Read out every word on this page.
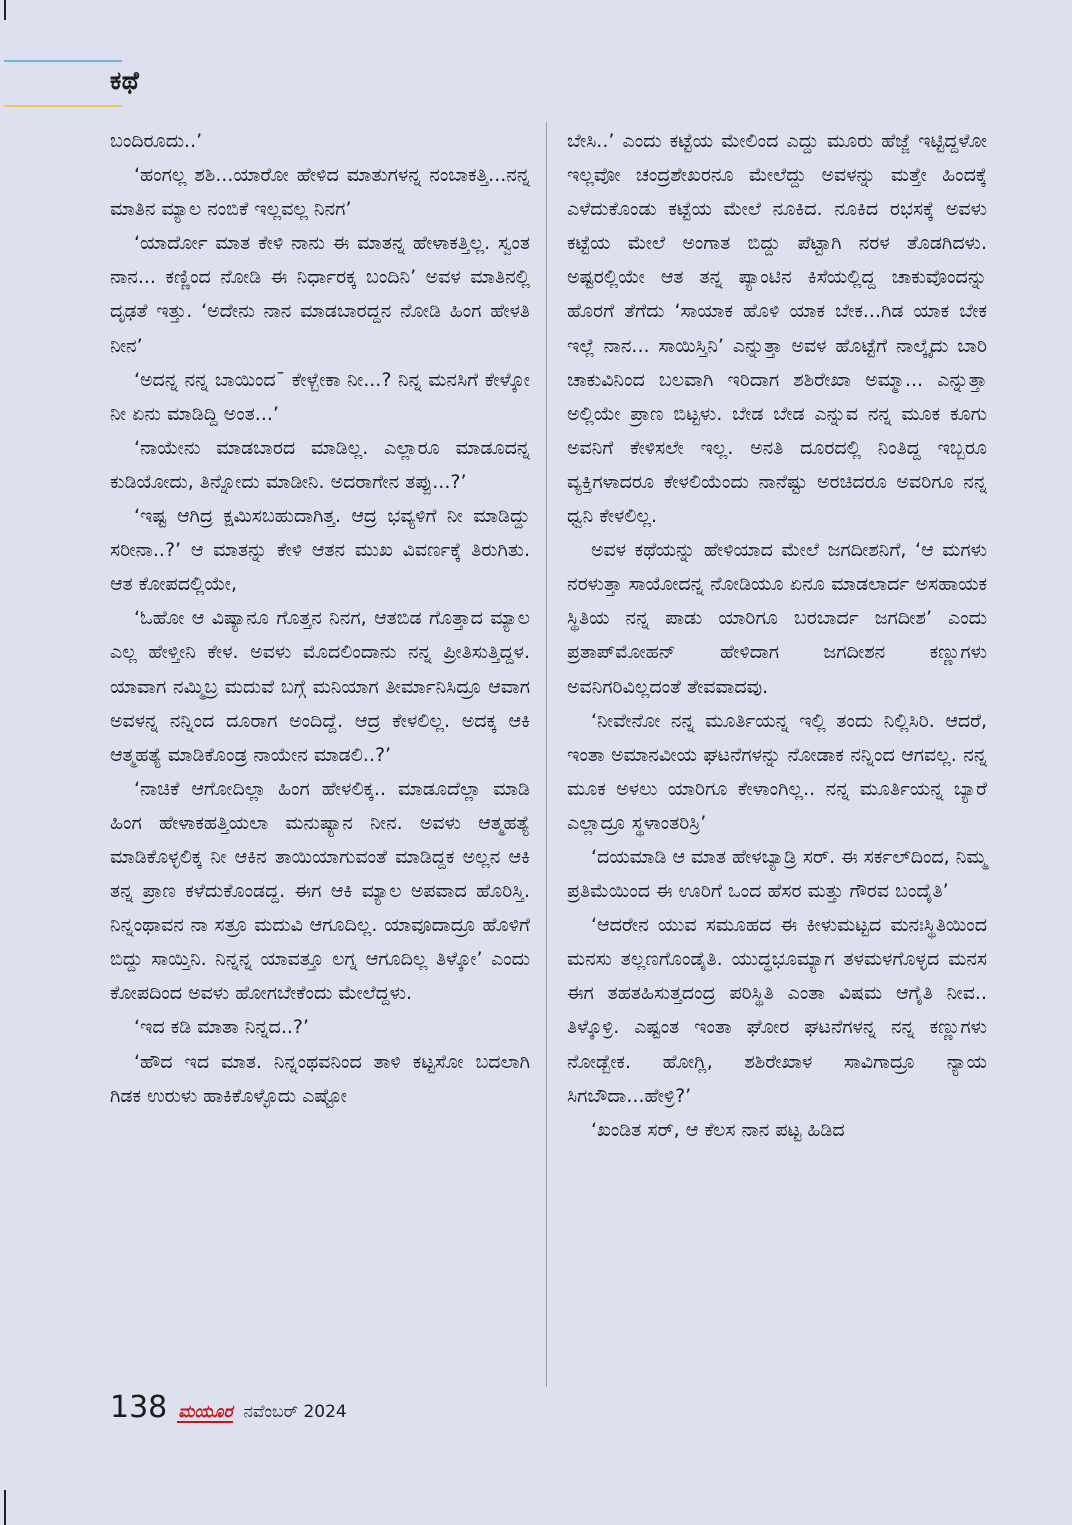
ಕಥೆ

ಬಂದಿರೂದು..’

‘ಹಂಗಲ್ಲ ಶಶಿ...ಯಾರೋ ಹೇಳಿದ ಮಾತುಗಳನ್ನ ನಂಬಾಕತ್ತಿ...ನನ್ನ ಮಾತಿನ ಮ್ಯಾಲ ನಂಬಿಕೆ ಇಲ್ಲವಲ್ಲ ನಿನಗ’

‘ಯಾರ್ದೋ ಮಾತ ಕೇಳಿ ನಾನು ಈ ಮಾತನ್ನ ಹೇಳಾಕತ್ತಿಲ್ಲ. ಸ್ವಂತ ನಾನ... ಕಣ್ಣಿಂದ ನೋಡಿ ಈ ನಿರ್ಧಾರಕ್ಕ ಬಂದಿನಿ’ ಅವಳ ಮಾತಿನಲ್ಲಿ ದೃಢತೆ ಇತ್ತು. ‘ಅದೇನು ನಾನ ಮಾಡಬಾರದ್ದನ ನೋಡಿ ಹಿಂಗ ಹೇಳತಿ ನೀನ’

‘ಅದನ್ನ ನನ್ನ ಬಾಯಿಂದ¯ ಕೇಳ್ಬೇಕಾ ನೀ...? ನಿನ್ನ ಮನಸಿಗೆ ಕೇಳ್ಕೋ ನೀ ಏನು ಮಾಡಿದ್ದಿ ಅಂತ...’

‘ನಾಯೇನು ಮಾಡಬಾರದ ಮಾಡಿಲ್ಲ. ಎಲ್ಲಾರೂ ಮಾಡೂದನ್ನ ಕುಡಿಯೋದು, ತಿನ್ನೋದು ಮಾಡೀನಿ. ಅದರಾಗೇನ ತಪ್ಪು...?’

‘ಇಷ್ಟ ಆಗಿದ್ರ ಕ್ಷಮಿಸಬಹುದಾಗಿತ್ತ. ಆದ್ರ ಭವ್ಯಳಿಗೆ ನೀ ಮಾಡಿದ್ದು ಸರೀನಾ..?’ ಆ ಮಾತನ್ನು ಕೇಳಿ ಆತನ ಮುಖ ವಿವರ್ಣಕ್ಕೆ ತಿರುಗಿತು. ಆತ ಕೋಪದಲ್ಲಿಯೇ,

‘ಓಹೋ ಆ ವಿಷ್ಯಾನೂ ಗೊತ್ತನ ನಿನಗ, ಆತಬಿಡ ಗೊತ್ತಾದ ಮ್ಯಾಲ ಎಲ್ಲ ಹೇಳ್ತೀನಿ ಕೇಳ. ಅವಳು ಮೊದಲಿಂದಾನು ನನ್ನ ಪ್ರೀತಿಸುತ್ತಿದ್ದಳ. ಯಾವಾಗ ನಮ್ಮಿಬ್ರ ಮದುವೆ ಬಗ್ಗೆ ಮನಿಯಾಗ ತೀರ್ಮಾನಿಸಿದ್ರೂ ಆವಾಗ ಅವಳನ್ನ ನನ್ನಿಂದ ದೂರಾಗ ಅಂದಿದ್ದೆ. ಆದ್ರ ಕೇಳಲಿಲ್ಲ. ಅದಕ್ಕ ಆಕಿ ಆತ್ಮಹತ್ಯೆ ಮಾಡಿಕೊಂಡ್ರ ನಾಯೇನ ಮಾಡಲಿ..?’

‘ನಾಚಿಕೆ ಆಗೋದಿಲ್ಲಾ ಹಿಂಗ ಹೇಳಲಿಕ್ಕ.. ಮಾಡೂದೆಲ್ಲಾ ಮಾಡಿ ಹಿಂಗ ಹೇಳಾಕಹತ್ತಿಯಲಾ ಮನುಷ್ಯಾನ ನೀನ. ಅವಳು ಆತ್ಮಹತ್ಯೆ ಮಾಡಿಕೊಳ್ಳಲಿಕ್ಕ ನೀ ಆಕಿನ ತಾಯಿಯಾಗುವಂತೆ ಮಾಡಿದ್ದಕ ಅಲ್ಲನ ಆಕಿ ತನ್ನ ಪ್ರಾಣ ಕಳೆದುಕೊಂಡದ್ದ. ಈಗ ಆಕಿ ಮ್ಯಾಲ ಅಪವಾದ ಹೊರಿಸ್ತಿ. ನಿನ್ನಂಥಾವನ ನಾ ಸತ್ರೂ ಮದುವಿ ಆಗೂದಿಲ್ಲ. ಯಾವೂದಾದ್ರೂ ಹೊಳಿಗೆ ಬಿದ್ದು ಸಾಯ್ತಿನಿ. ನಿನ್ನನ್ನ ಯಾವತ್ತೂ ಲಗ್ನ ಆಗೂದಿಲ್ಲ ತಿಳ್ಕೋ’ ಎಂದು ಕೋಪದಿಂದ ಅವಳು ಹೋಗಬೇಕೆಂದು ಮೇಲೆದ್ದಳು.

‘ಇದ ಕಡಿ ಮಾತಾ ನಿನ್ನದ..?’

‘ಹೌದ ಇದ ಮಾತ. ನಿನ್ನಂಥವನಿಂದ ತಾಳಿ ಕಟ್ಟಸೋ ಬದಲಾಗಿ ಗಿಡಕ ಉರುಳು ಹಾಕಿಕೊಳ್ಳೊದು ಎಷ್ಟೋ

ಬೇಸಿ..’ ಎಂದು ಕಟ್ಟೆಯ ಮೇಲಿಂದ ಎದ್ದು ಮೂರು ಹೆಜ್ಜೆ ಇಟ್ಟಿದ್ದಳೋ ಇಲ್ಲವೋ ಚಂದ್ರಶೇಖರನೂ ಮೇಲೆದ್ದು ಅವಳನ್ನು ಮತ್ತೇ ಹಿಂದಕ್ಕೆ ಎಳೆದುಕೊಂಡು ಕಟ್ಟೆಯ ಮೇಲೆ ನೂಕಿದ. ನೂಕಿದ ರಭಸಕ್ಕೆ ಅವಳು ಕಟ್ಟೆಯ ಮೇಲೆ ಅಂಗಾತ ಬಿದ್ದು ಪೆಟ್ಟಾಗಿ ನರಳ ತೊಡಗಿದಳು. ಅಷ್ಟರಲ್ಲಿಯೇ ಆತ ತನ್ನ ಪ್ಯಾಂಟಿನ ಕಿಸೆಯಲ್ಲಿದ್ದ ಚಾಕುವೊಂದನ್ನು ಹೊರಗೆ ತೆಗೆದು ‘ಸಾಯಾಕ ಹೊಳಿ ಯಾಕ ಬೇಕ...ಗಿಡ ಯಾಕ ಬೇಕ ಇಲ್ಲೆ ನಾನ... ಸಾಯಿಸ್ತಿನಿ’ ಎನ್ನುತ್ತಾ ಅವಳ ಹೊಟ್ಟೆಗೆ ನಾಲ್ಕೈದು ಬಾರಿ ಚಾಕುವಿನಿಂದ ಬಲವಾಗಿ ಇರಿದಾಗ ಶಶಿರೇಖಾ ಅಮ್ಮಾ... ಎನ್ನುತ್ತಾ ಅಲ್ಲಿಯೇ ಪ್ರಾಣ ಬಿಟ್ಟಳು. ಬೇಡ ಬೇಡ ಎನ್ನುವ ನನ್ನ ಮೂಕ ಕೂಗು ಅವನಿಗೆ ಕೇಳಿಸಲೇ ಇಲ್ಲ. ಅನತಿ ದೂರದಲ್ಲಿ ನಿಂತಿದ್ದ ಇಬ್ಬರೂ ವ್ಯಕ್ತಿಗಳಾದರೂ ಕೇಳಲಿಯೆಂದು ನಾನೆಷ್ಟು ಅರಚಿದರೂ ಅವರಿಗೂ ನನ್ನ ಧ್ವನಿ ಕೇಳಲಿಲ್ಲ.

ಅವಳ ಕಥೆಯನ್ನು ಹೇಳಿಯಾದ ಮೇಲೆ ಜಗದೀಶನಿಗೆ, ‘ಆ ಮಗಳು ನರಳುತ್ತಾ ಸಾಯೋದನ್ನ ನೋಡಿಯೂ ಏನೂ ಮಾಡಲಾರ್ದ ಅಸಹಾಯಕ ಸ್ಥಿತಿಯ ನನ್ನ ಪಾಡು ಯಾರಿಗೂ ಬರಬಾರ್ದ ಜಗದೀಶ’ ಎಂದು ಪ್ರತಾಪ್‌ಮೋಹನ್ ಹೇಳಿದಾಗ ಜಗದೀಶನ ಕಣ್ಣುಗಳು ಅವನಿಗರಿವಿಲ್ಲದಂತೆ ತೇವವಾದವು.

‘ನೀವೇನೋ ನನ್ನ ಮೂರ್ತಿಯನ್ನ ಇಲ್ಲಿ ತಂದು ನಿಲ್ಲಿಸಿರಿ. ಆದರೆ, ಇಂತಾ ಅಮಾನವೀಯ ಘಟನೆಗಳನ್ನು ನೋಡಾಕ ನನ್ನಿಂದ ಆಗವಲ್ಲ. ನನ್ನ ಮೂಕ ಅಳಲು ಯಾರಿಗೂ ಕೇಳಾಂಗಿಲ್ಲ.. ನನ್ನ ಮೂರ್ತಿಯನ್ನ ಬ್ಯಾರೆ ಎಲ್ಲಾದ್ರೂ ಸ್ಥಳಾಂತರಿಸ್ರಿ’

‘ದಯಮಾಡಿ ಆ ಮಾತ ಹೇಳಬ್ಯಾಡ್ರಿ ಸರ್. ಈ ಸರ್ಕಲ್‌ದಿಂದ, ನಿಮ್ಮ ಪ್ರತಿಮೆಯಿಂದ ಈ ಊರಿಗೆ ಒಂದ ಹೆಸರ ಮತ್ತು ಗೌರವ ಬಂದೈತಿ’

‘ಆದರೇನ ಯುವ ಸಮೂಹದ ಈ ಕೀಳುಮಟ್ಟದ ಮನಃಸ್ಥಿತಿಯಿಂದ ಮನಸು ತಲ್ಲಣಗೊಂಡೈತಿ. ಯುದ್ಧಭೂಮ್ಯಾಗ ತಳಮಳಗೊಳ್ಳದ ಮನಸ ಈಗ ತಹತಹಿಸುತ್ತದಂದ್ರ ಪರಿಸ್ಥಿತಿ ಎಂತಾ ವಿಷಮ ಆಗೈತಿ ನೀವ.. ತಿಳ್ಕೊಳ್ರಿ. ಎಷ್ಟಂತ ಇಂತಾ ಘೋರ ಘಟನೆಗಳನ್ನ ನನ್ನ ಕಣ್ಣುಗಳು ನೋಡ್ಬೇಕ. ಹೋಗ್ಲಿ, ಶಶಿರೇಖಾಳ ಸಾವಿಗಾದ್ರೂ ನ್ಯಾಯ ಸಿಗಬೌದಾ...ಹೇಳ್ರಿ?’

‘ಖಂಡಿತ ಸರ್, ಆ ಕೆಲಸ ನಾನ ಪಟ್ಟ ಹಿಡಿದ

138 ಮಯೂರ ನವೆಂಬರ್ 2024
